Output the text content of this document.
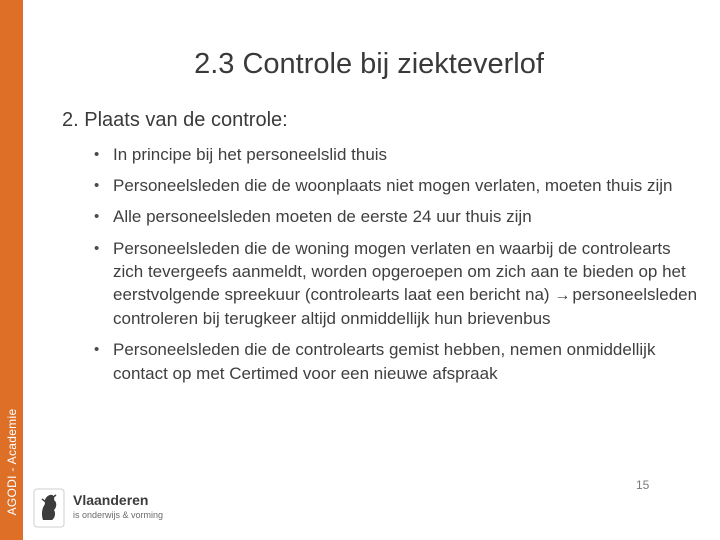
AGODI - Academie
2.3 Controle bij ziekteverlof
2. Plaats van de controle:
• In principe bij het personeelslid thuis
• Personeelsleden die de woonplaats niet mogen verlaten, moeten thuis zijn
• Alle personeelsleden moeten de eerste 24 uur thuis zijn
• Personeelsleden die de woning mogen verlaten en waarbij de controlearts zich tevergeefs aanmeldt, worden opgeroepen om zich aan te bieden op het eerstvolgende spreekuur (controlearts laat een bericht na) → personeelsleden controleren bij terugkeer altijd onmiddellijk hun brievenbus
• Personeelsleden die de controlearts gemist hebben, nemen onmiddellijk contact op met Certimed voor een nieuwe afspraak
Vlaanderen
is onderwijs & vorming
15
